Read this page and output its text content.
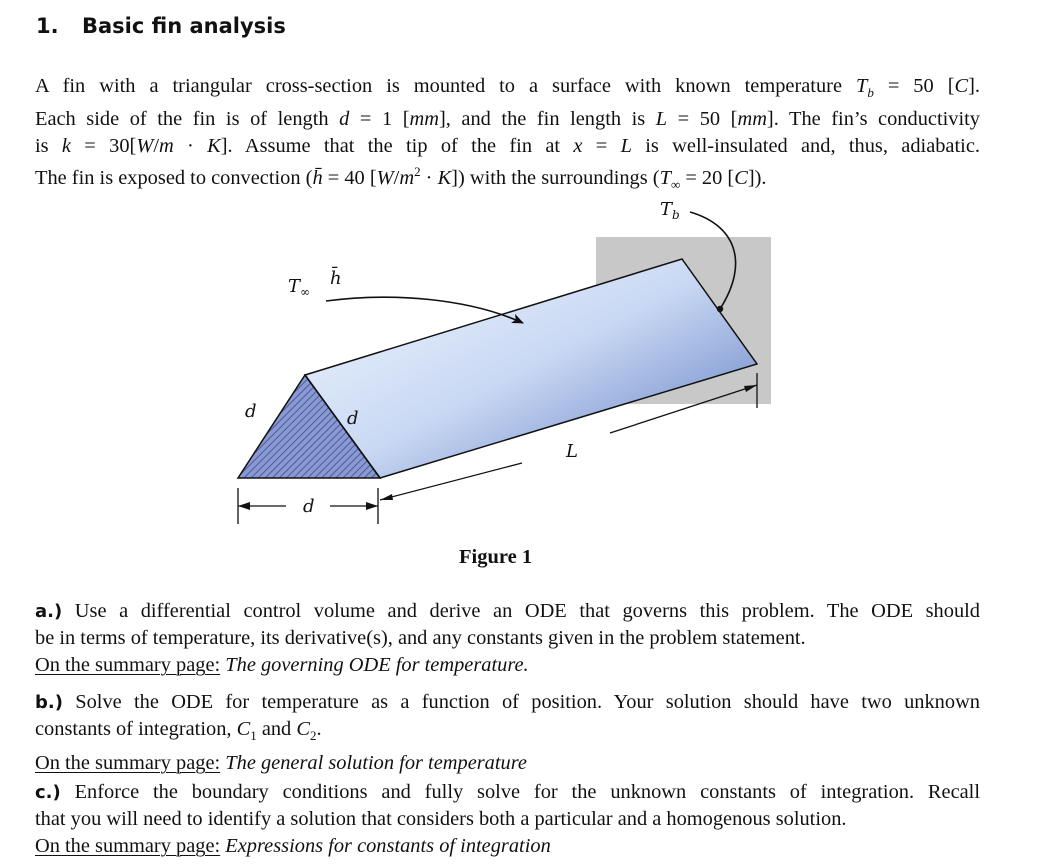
1. Basic fin analysis
A fin with a triangular cross-section is mounted to a surface with known temperature $T_b = 50$ [C].
Each side of the fin is of length d = 1 [mm], and the fin length is L = 50 [mm]. The fin’s conductivity
is k = 30[W/m · K]. Assume that the tip of the fin at x = L is well-insulated and, thus, adiabatic.
The fin is exposed to convection (h̄ = 40 $[W/m^2 \cdot K]$) with the surroundings ($T_\infty = 20$ [C]).
$T_b$
$T_\infty$
h̄
d	d
d
L
Figure 1
a.) Use a differential control volume and derive an ODE that governs this problem. The ODE should
be in terms of temperature, its derivative(s), and any constants given in the problem statement.
On the summary page: The governing ODE for temperature.
b.) Solve the ODE for temperature as a function of position. Your solution should have two unknown
constants of integration, $C_1$ and $C_2$.
On the summary page: The general solution for temperature
c.) Enforce the boundary conditions and fully solve for the unknown constants of integration. Recall
that you will need to identify a solution that considers both a particular and a homogenous solution.
On the summary page: Expressions for constants of integration
